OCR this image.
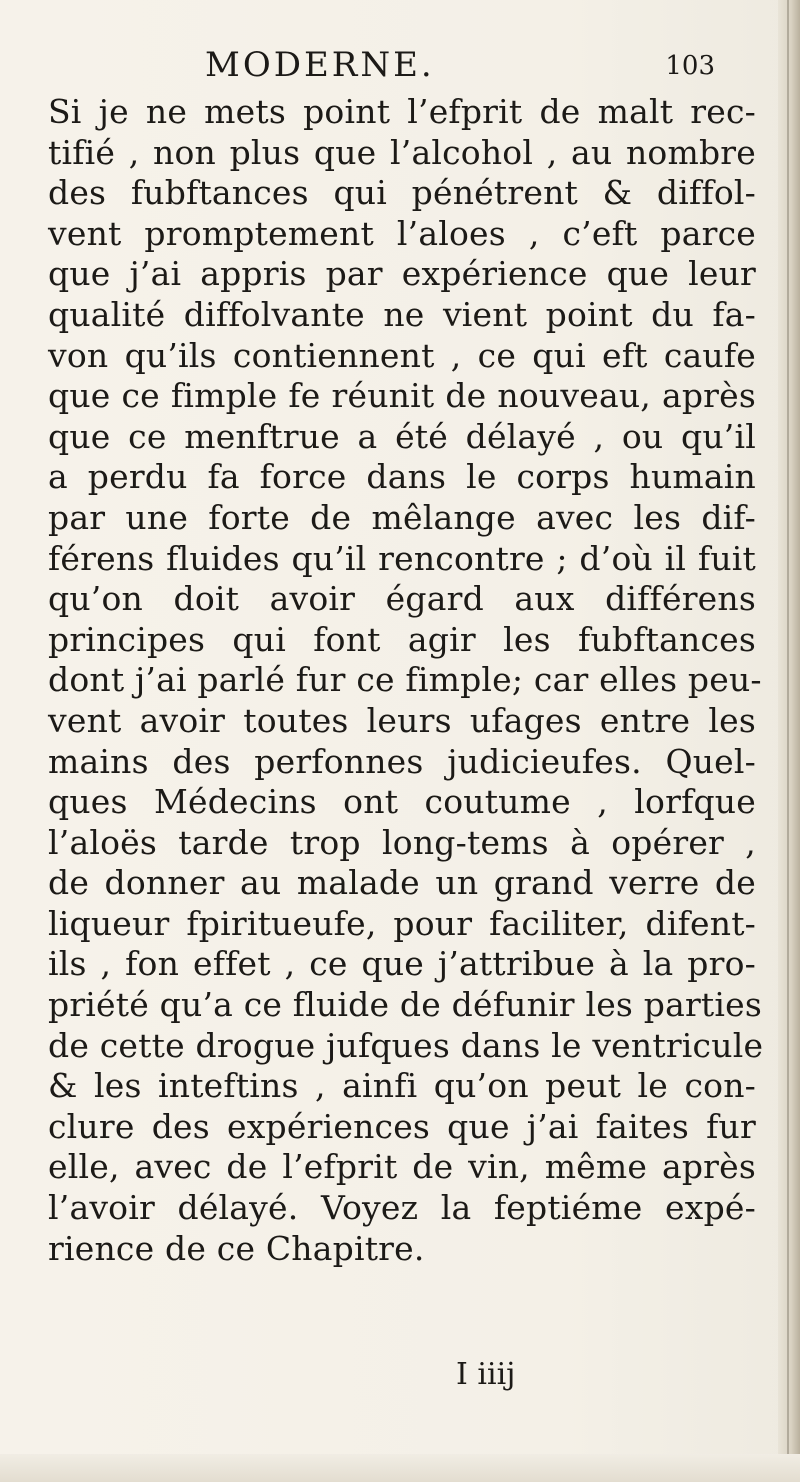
MODERNE.	103
Si je ne mets point l’efprit de malt rec-
tifié , non plus que l’alcohol , au nombre
des fubftances qui pénétrent & diffol-
vent promptement l’aloes , c’eft parce
que j’ai appris par expérience que leur
qualité diffolvante ne vient point du fa-
von qu’ils contiennent , ce qui eft caufe
que ce fimple fe réunit de nouveau, après
que ce menftrue a été délayé , ou qu’il
a perdu fa force dans le corps humain
par une forte de mêlange avec les dif-
férens fluides qu’il rencontre ; d’où il fuit
qu’on doit avoir égard aux différens
principes qui font agir les fubftances
dont j’ai parlé fur ce fimple; car elles peu-
vent avoir toutes leurs ufages entre les
mains des perfonnes judicieufes. Quel-
ques Médecins ont coutume , lorfque
l’aloës tarde trop long-tems à opérer ,
de donner au malade un grand verre de
liqueur fpiritueufe, pour faciliter, difent-
ils , fon effet , ce que j’attribue à la pro-
priété qu’a ce fluide de défunir les parties
de cette drogue jufques dans le ventricule
& les inteftins , ainfi qu’on peut le con-
clure des expériences que j’ai faites fur
elle, avec de l’efprit de vin, même après
l’avoir délayé. Voyez la feptiéme expé-
rience de ce Chapitre.
I iiij
